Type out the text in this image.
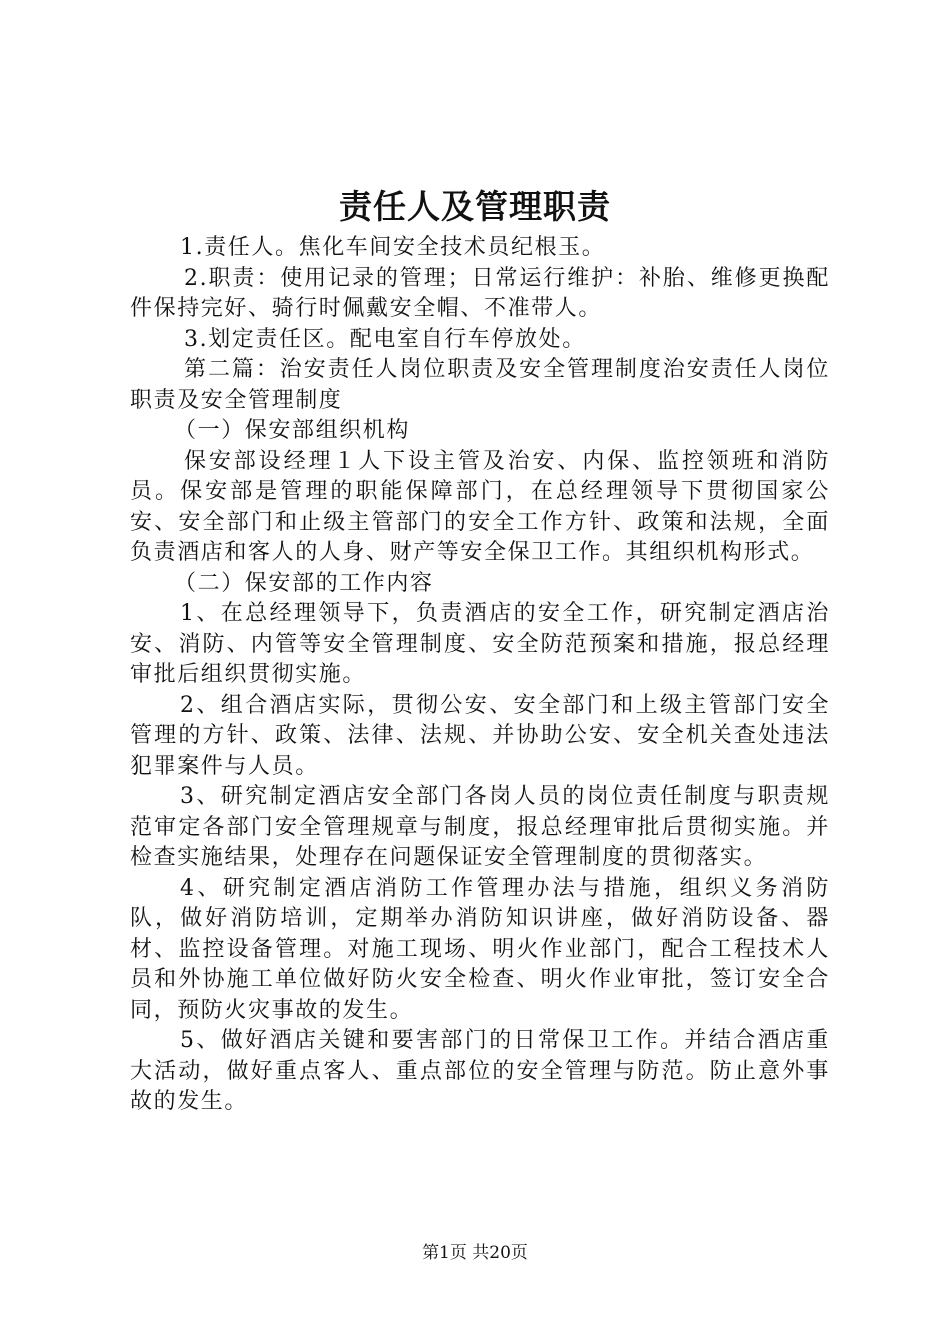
责任人及管理职责

1.责任人。焦化车间安全技术员纪根玉。

2.职责：使用记录的管理；日常运行维护：补胎、维修更换配件保持完好、骑行时佩戴安全帽、不准带人。

3.划定责任区。配电室自行车停放处。

第二篇：治安责任人岗位职责及安全管理制度治安责任人岗位职责及安全管理制度

（一）保安部组织机构

保安部设经理１人下设主管及治安、内保、监控领班和消防员。保安部是管理的职能保障部门，在总经理领导下贯彻国家公安、安全部门和止级主管部门的安全工作方针、政策和法规，全面负责酒店和客人的人身、财产等安全保卫工作。其组织机构形式。

（二）保安部的工作内容

1、在总经理领导下，负责酒店的安全工作，研究制定酒店治安、消防、内管等安全管理制度、安全防范预案和措施，报总经理审批后组织贯彻实施。

2、组合酒店实际，贯彻公安、安全部门和上级主管部门安全管理的方针、政策、法律、法规、并协助公安、安全机关查处违法犯罪案件与人员。

3、研究制定酒店安全部门各岗人员的岗位责任制度与职责规范审定各部门安全管理规章与制度，报总经理审批后贯彻实施。并检查实施结果，处理存在问题保证安全管理制度的贯彻落实。

4、研究制定酒店消防工作管理办法与措施，组织义务消防队，做好消防培训，定期举办消防知识讲座，做好消防设备、器材、监控设备管理。对施工现场、明火作业部门，配合工程技术人员和外协施工单位做好防火安全检查、明火作业审批，签订安全合同，预防火灾事故的发生。

5、做好酒店关键和要害部门的日常保卫工作。并结合酒店重大活动，做好重点客人、重点部位的安全管理与防范。防止意外事故的发生。

第1页 共20页
